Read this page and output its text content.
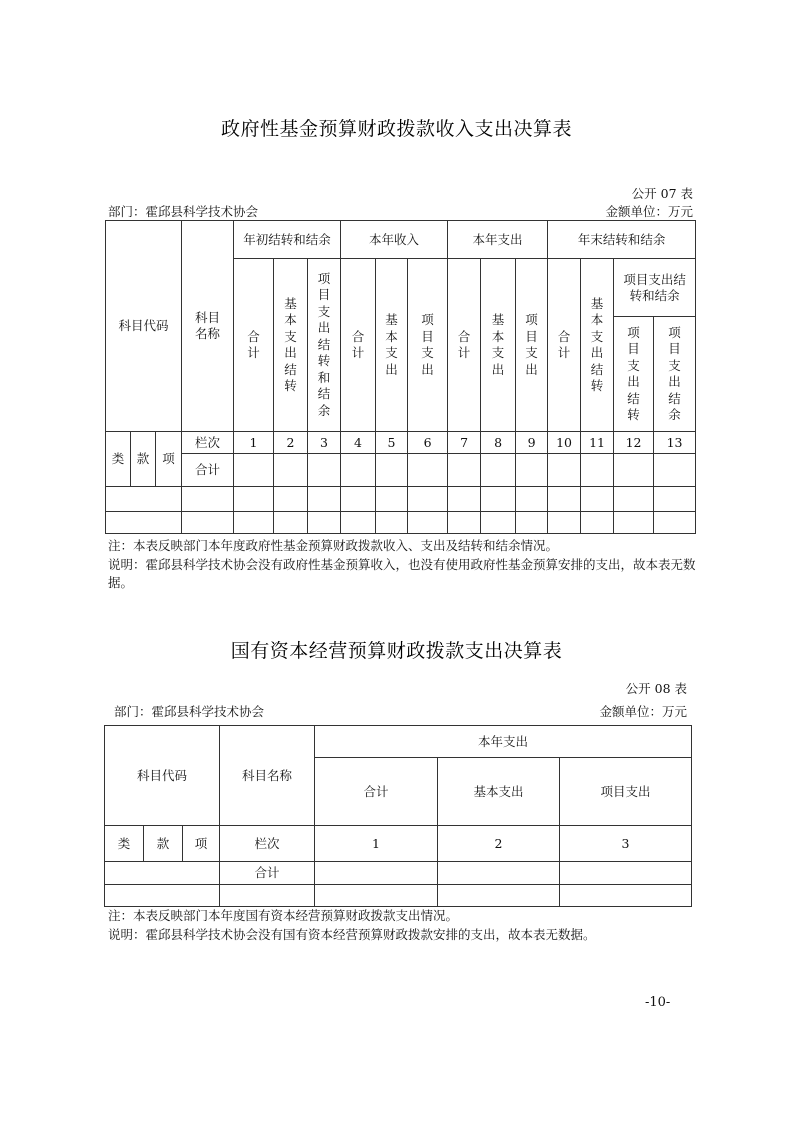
政府性基金预算财政拨款收入支出决算表
公开 07 表
部门：霍邱县科学技术协会	金额单位：万元
科目代码			科目名称	年初结转和结余			本年收入			本年支出			年末结转和结余			
				合计	基本支出结转	项目支出结转和结余	合计	基本支出	项目支出	合计	基本支出	项目支出	合计	基本支出结转	项目支出结转和结余	
															项目支出结转	项目支出结余
类	款	项	栏次	1	2	3	4	5	6	7	8	9	10	11	12	13
			合计													

注：本表反映部门本年度政府性基金预算财政拨款收入、支出及结转和结余情况。
说明：霍邱县科学技术协会没有政府性基金预算收入，也没有使用政府性基金预算安排的支出，故本表无数据。
国有资本经营预算财政拨款支出决算表
公开 08 表
部门：霍邱县科学技术协会	金额单位：万元
科目代码			科目名称	本年支出		
				合计	基本支出	项目支出
类	款	项	栏次	1	2	3
			合计			

注：本表反映部门本年度国有资本经营预算财政拨款支出情况。
说明：霍邱县科学技术协会没有国有资本经营预算财政拨款安排的支出，故本表无数据。
-10-
